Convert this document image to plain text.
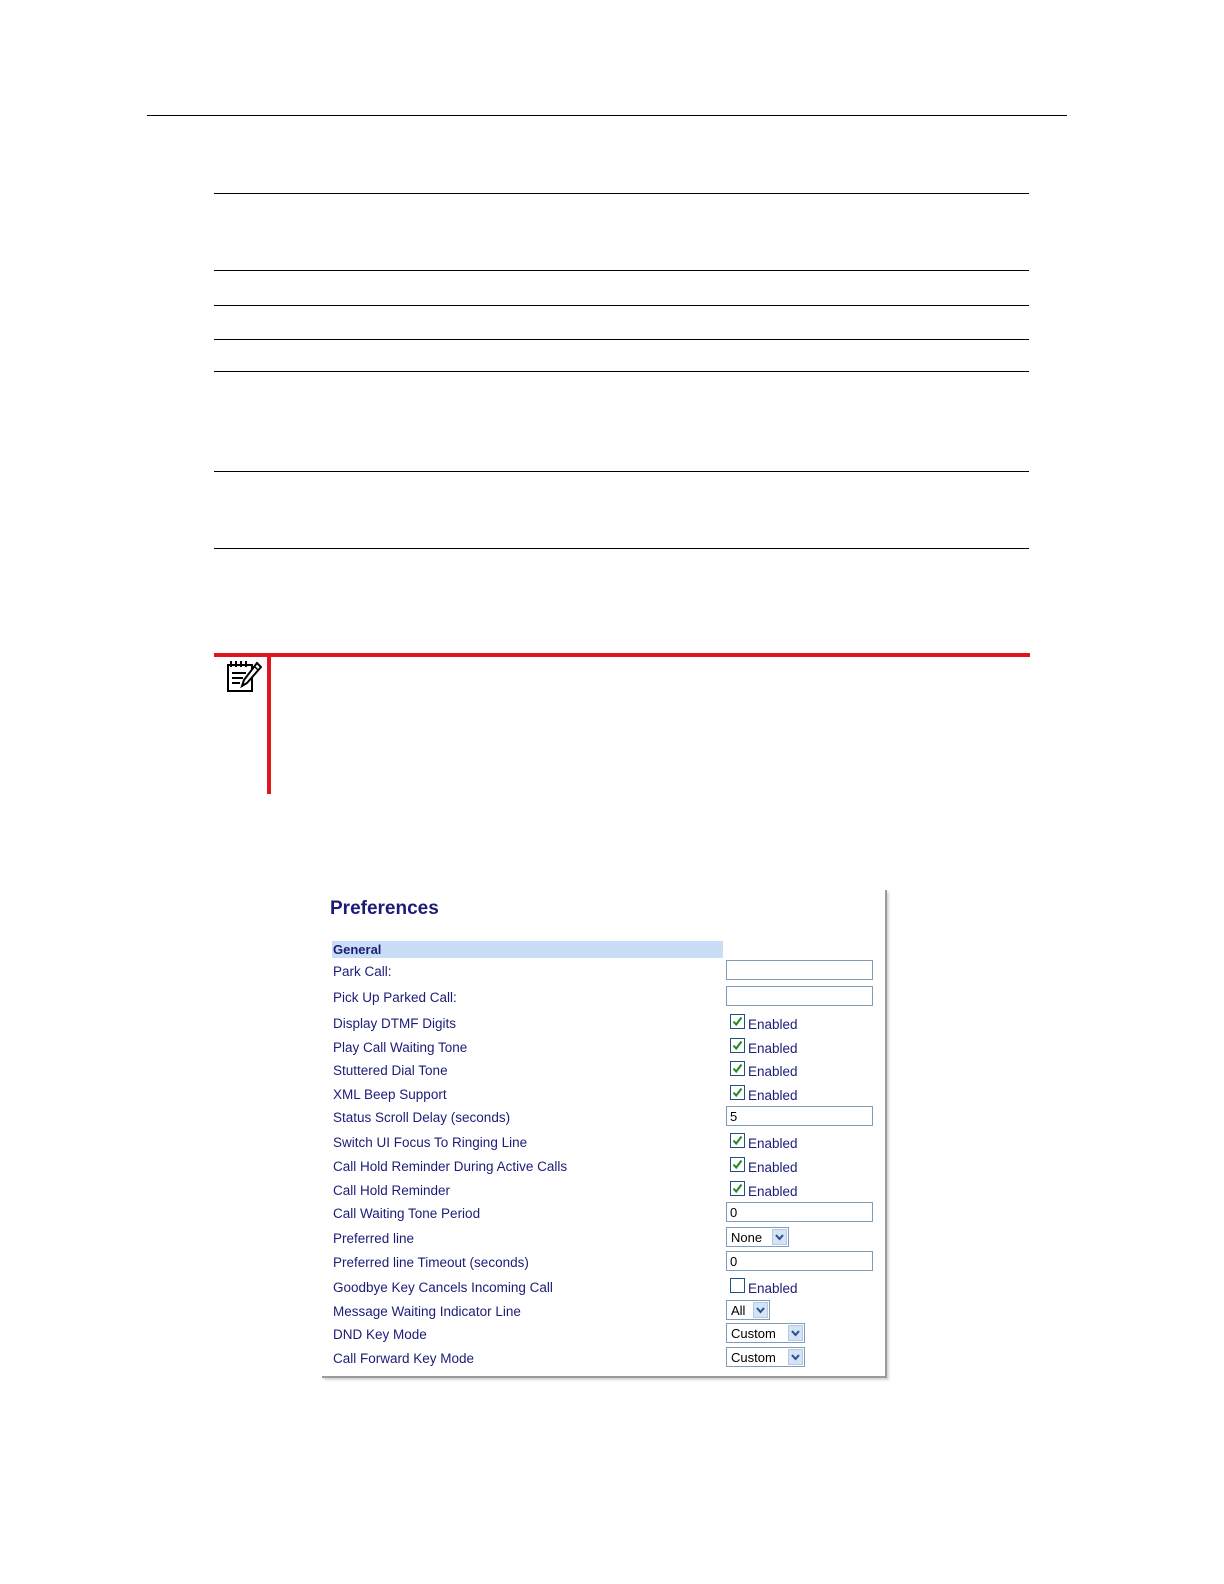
Preferences
General
Park Call:
Pick Up Parked Call:
Display DTMF Digits	Enabled
Play Call Waiting Tone	Enabled
Stuttered Dial Tone	Enabled
XML Beep Support	Enabled
Status Scroll Delay (seconds)	5
Switch UI Focus To Ringing Line	Enabled
Call Hold Reminder During Active Calls	Enabled
Call Hold Reminder	Enabled
Call Waiting Tone Period	0
Preferred line	None
Preferred line Timeout (seconds)	0
Goodbye Key Cancels Incoming Call	Enabled
Message Waiting Indicator Line	All
DND Key Mode	Custom
Call Forward Key Mode	Custom
